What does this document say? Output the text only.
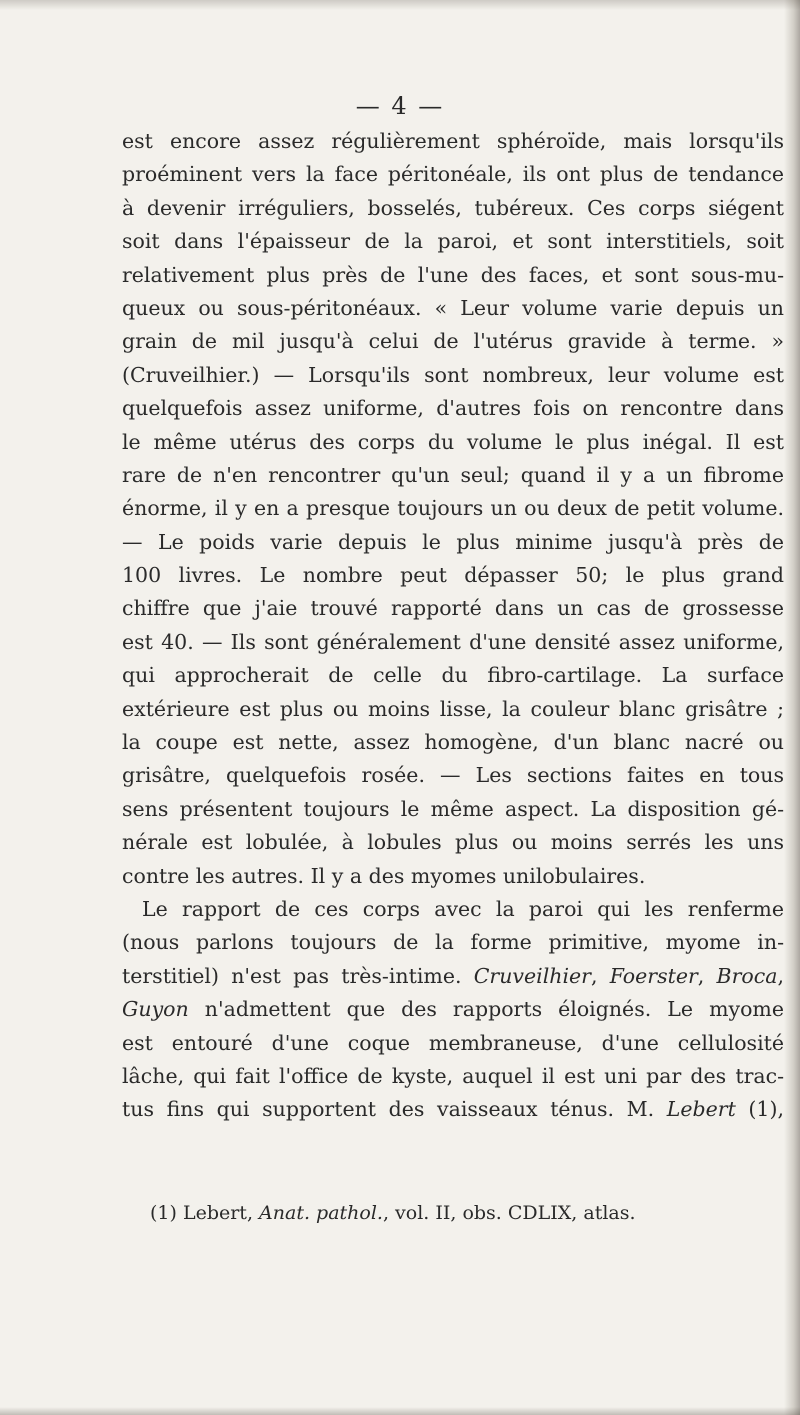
— 4 —
est encore assez régulièrement sphéroïde, mais lorsqu'ils
proéminent vers la face péritonéale, ils ont plus de tendance
à devenir irréguliers, bosselés, tubéreux. Ces corps siégent
soit dans l'épaisseur de la paroi, et sont interstitiels, soit
relativement plus près de l'une des faces, et sont sous-mu-
queux ou sous-péritonéaux. « Leur volume varie depuis un
grain de mil jusqu'à celui de l'utérus gravide à terme. »
(Cruveilhier.) — Lorsqu'ils sont nombreux, leur volume est
quelquefois assez uniforme, d'autres fois on rencontre dans
le même utérus des corps du volume le plus inégal. Il est
rare de n'en rencontrer qu'un seul; quand il y a un fibrome
énorme, il y en a presque toujours un ou deux de petit volume.
— Le poids varie depuis le plus minime jusqu'à près de
100 livres. Le nombre peut dépasser 50; le plus grand
chiffre que j'aie trouvé rapporté dans un cas de grossesse
est 40. — Ils sont généralement d'une densité assez uniforme,
qui approcherait de celle du fibro-cartilage. La surface
extérieure est plus ou moins lisse, la couleur blanc grisâtre ;
la coupe est nette, assez homogène, d'un blanc nacré ou
grisâtre, quelquefois rosée. — Les sections faites en tous
sens présentent toujours le même aspect. La disposition gé-
nérale est lobulée, à lobules plus ou moins serrés les uns
contre les autres. Il y a des myomes unilobulaires.
Le rapport de ces corps avec la paroi qui les renferme
(nous parlons toujours de la forme primitive, myome in-
terstitiel) n'est pas très-intime. Cruveilhier, Foerster, Broca,
Guyon n'admettent que des rapports éloignés. Le myome
est entouré d'une coque membraneuse, d'une cellulosité
lâche, qui fait l'office de kyste, auquel il est uni par des trac-
tus fins qui supportent des vaisseaux ténus. M. Lebert (1),
(1) Lebert, Anat. pathol., vol. II, obs. CDLIX, atlas.
